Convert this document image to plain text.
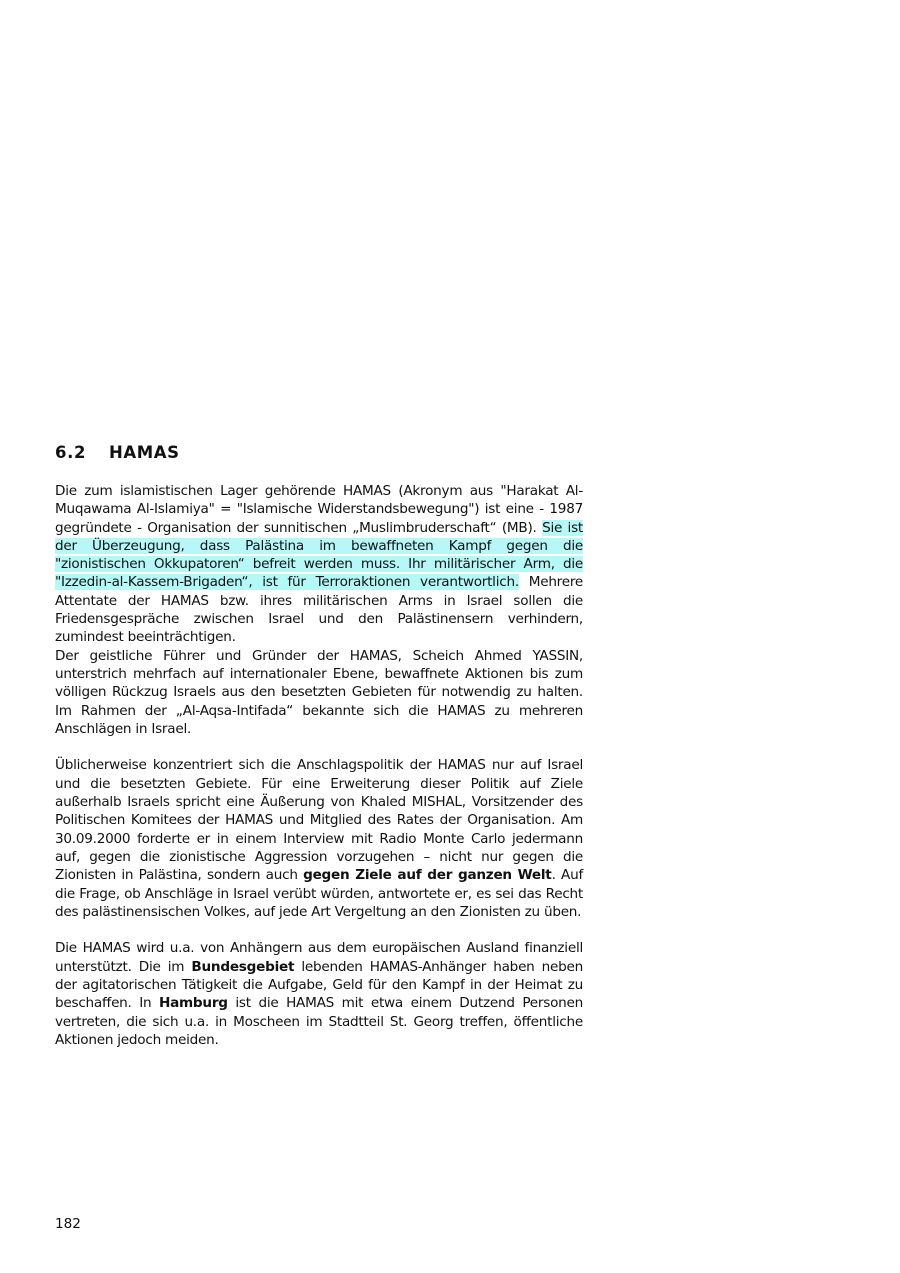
6.2 HAMAS

Die zum islamistischen Lager gehörende HAMAS (Akronym aus "Harakat Al-Muqawama Al-Islamiya" = "Islamische Widerstandsbewegung") ist eine - 1987 gegründete - Organisation der sunnitischen „Muslimbruderschaft“ (MB). Sie ist der Überzeugung, dass Palästina im bewaffneten Kampf gegen die "zionistischen Okkupatoren“ befreit werden muss. Ihr militärischer Arm, die "Izzedin-al-Kassem-Brigaden“, ist für Terroraktionen verantwortlich. Mehrere Attentate der HAMAS bzw. ihres militärischen Arms in Israel sollen die Friedensgespräche zwischen Israel und den Palästinensern verhindern, zumindest beeinträchtigen.

Der geistliche Führer und Gründer der HAMAS, Scheich Ahmed YASSIN, unterstrich mehrfach auf internationaler Ebene, bewaffnete Aktionen bis zum völligen Rückzug Israels aus den besetzten Gebieten für notwendig zu halten. Im Rahmen der „Al-Aqsa-Intifada“ bekannte sich die HAMAS zu mehreren Anschlägen in Israel.

Üblicherweise konzentriert sich die Anschlagspolitik der HAMAS nur auf Israel und die besetzten Gebiete. Für eine Erweiterung dieser Politik auf Ziele außerhalb Israels spricht eine Äußerung von Khaled MISHAL, Vorsitzender des Politischen Komitees der HAMAS und Mitglied des Rates der Organisation. Am 30.09.2000 forderte er in einem Interview mit Radio Monte Carlo jedermann auf, gegen die zionistische Aggression vorzugehen – nicht nur gegen die Zionisten in Palästina, sondern auch gegen Ziele auf der ganzen Welt. Auf die Frage, ob Anschläge in Israel verübt würden, antwortete er, es sei das Recht des palästinensischen Volkes, auf jede Art Vergeltung an den Zionisten zu üben.

Die HAMAS wird u.a. von Anhängern aus dem europäischen Ausland finanziell unterstützt. Die im Bundesgebiet lebenden HAMAS-Anhänger haben neben der agitatorischen Tätigkeit die Aufgabe, Geld für den Kampf in der Heimat zu beschaffen. In Hamburg ist die HAMAS mit etwa einem Dutzend Personen vertreten, die sich u.a. in Moscheen im Stadtteil St. Georg treffen, öffentliche Aktionen jedoch meiden.

182
